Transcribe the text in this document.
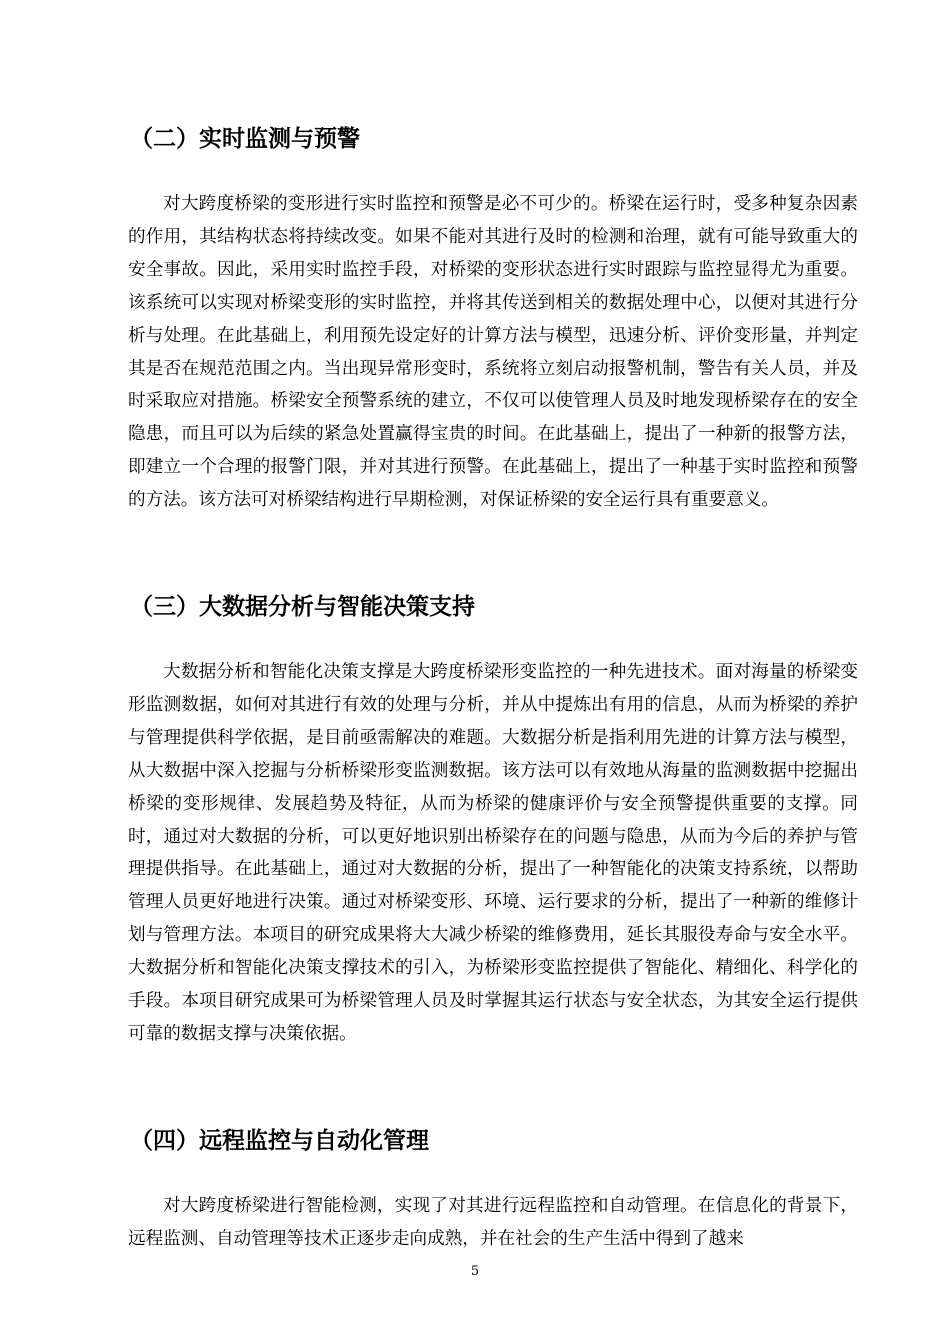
（二）实时监测与预警

对大跨度桥梁的变形进行实时监控和预警是必不可少的。桥梁在运行时，受多种复杂因素的作用，其结构状态将持续改变。如果不能对其进行及时的检测和治理，就有可能导致重大的安全事故。因此，采用实时监控手段，对桥梁的变形状态进行实时跟踪与监控显得尤为重要。该系统可以实现对桥梁变形的实时监控，并将其传送到相关的数据处理中心，以便对其进行分析与处理。在此基础上，利用预先设定好的计算方法与模型，迅速分析、评价变形量，并判定其是否在规范范围之内。当出现异常形变时，系统将立刻启动报警机制，警告有关人员，并及时采取应对措施。桥梁安全预警系统的建立，不仅可以使管理人员及时地发现桥梁存在的安全隐患，而且可以为后续的紧急处置赢得宝贵的时间。在此基础上，提出了一种新的报警方法，即建立一个合理的报警门限，并对其进行预警。在此基础上，提出了一种基于实时监控和预警的方法。该方法可对桥梁结构进行早期检测，对保证桥梁的安全运行具有重要意义。

（三）大数据分析与智能决策支持

大数据分析和智能化决策支撑是大跨度桥梁形变监控的一种先进技术。面对海量的桥梁变形监测数据，如何对其进行有效的处理与分析，并从中提炼出有用的信息，从而为桥梁的养护与管理提供科学依据，是目前亟需解决的难题。大数据分析是指利用先进的计算方法与模型，从大数据中深入挖掘与分析桥梁形变监测数据。该方法可以有效地从海量的监测数据中挖掘出桥梁的变形规律、发展趋势及特征，从而为桥梁的健康评价与安全预警提供重要的支撑。同时，通过对大数据的分析，可以更好地识别出桥梁存在的问题与隐患，从而为今后的养护与管理提供指导。在此基础上，通过对大数据的分析，提出了一种智能化的决策支持系统，以帮助管理人员更好地进行决策。通过对桥梁变形、环境、运行要求的分析，提出了一种新的维修计划与管理方法。本项目的研究成果将大大减少桥梁的维修费用，延长其服役寿命与安全水平。大数据分析和智能化决策支撑技术的引入，为桥梁形变监控提供了智能化、精细化、科学化的手段。本项目研究成果可为桥梁管理人员及时掌握其运行状态与安全状态，为其安全运行提供可靠的数据支撑与决策依据。

（四）远程监控与自动化管理

对大跨度桥梁进行智能检测，实现了对其进行远程监控和自动管理。在信息化的背景下，远程监测、自动管理等技术正逐步走向成熟，并在社会的生产生活中得到了越来

5
